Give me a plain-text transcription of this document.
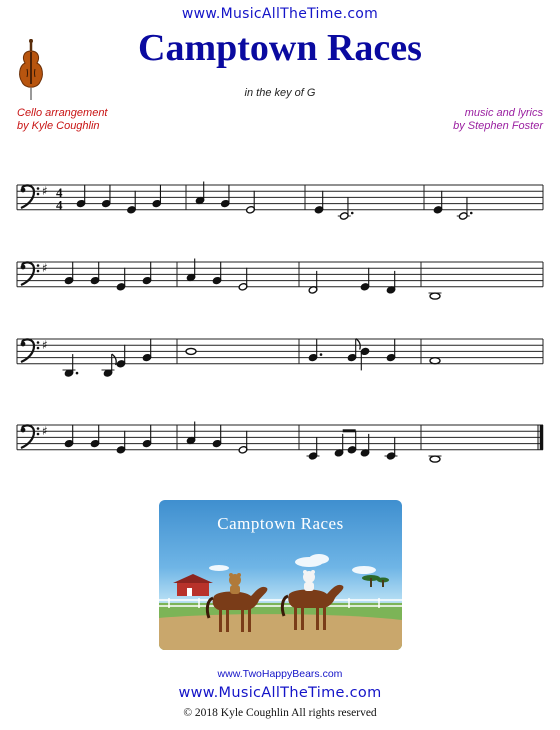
www.MusicAllTheTime.com
Camptown Races
in the key of G
Cello arrangement
by Kyle Coughlin
music and lyrics
by Stephen Foster
♯ 4
4
♯
♯
♯
Camptown Races
www.TwoHappyBears.com
www.MusicAllTheTime.com
© 2018 Kyle Coughlin All rights reserved
